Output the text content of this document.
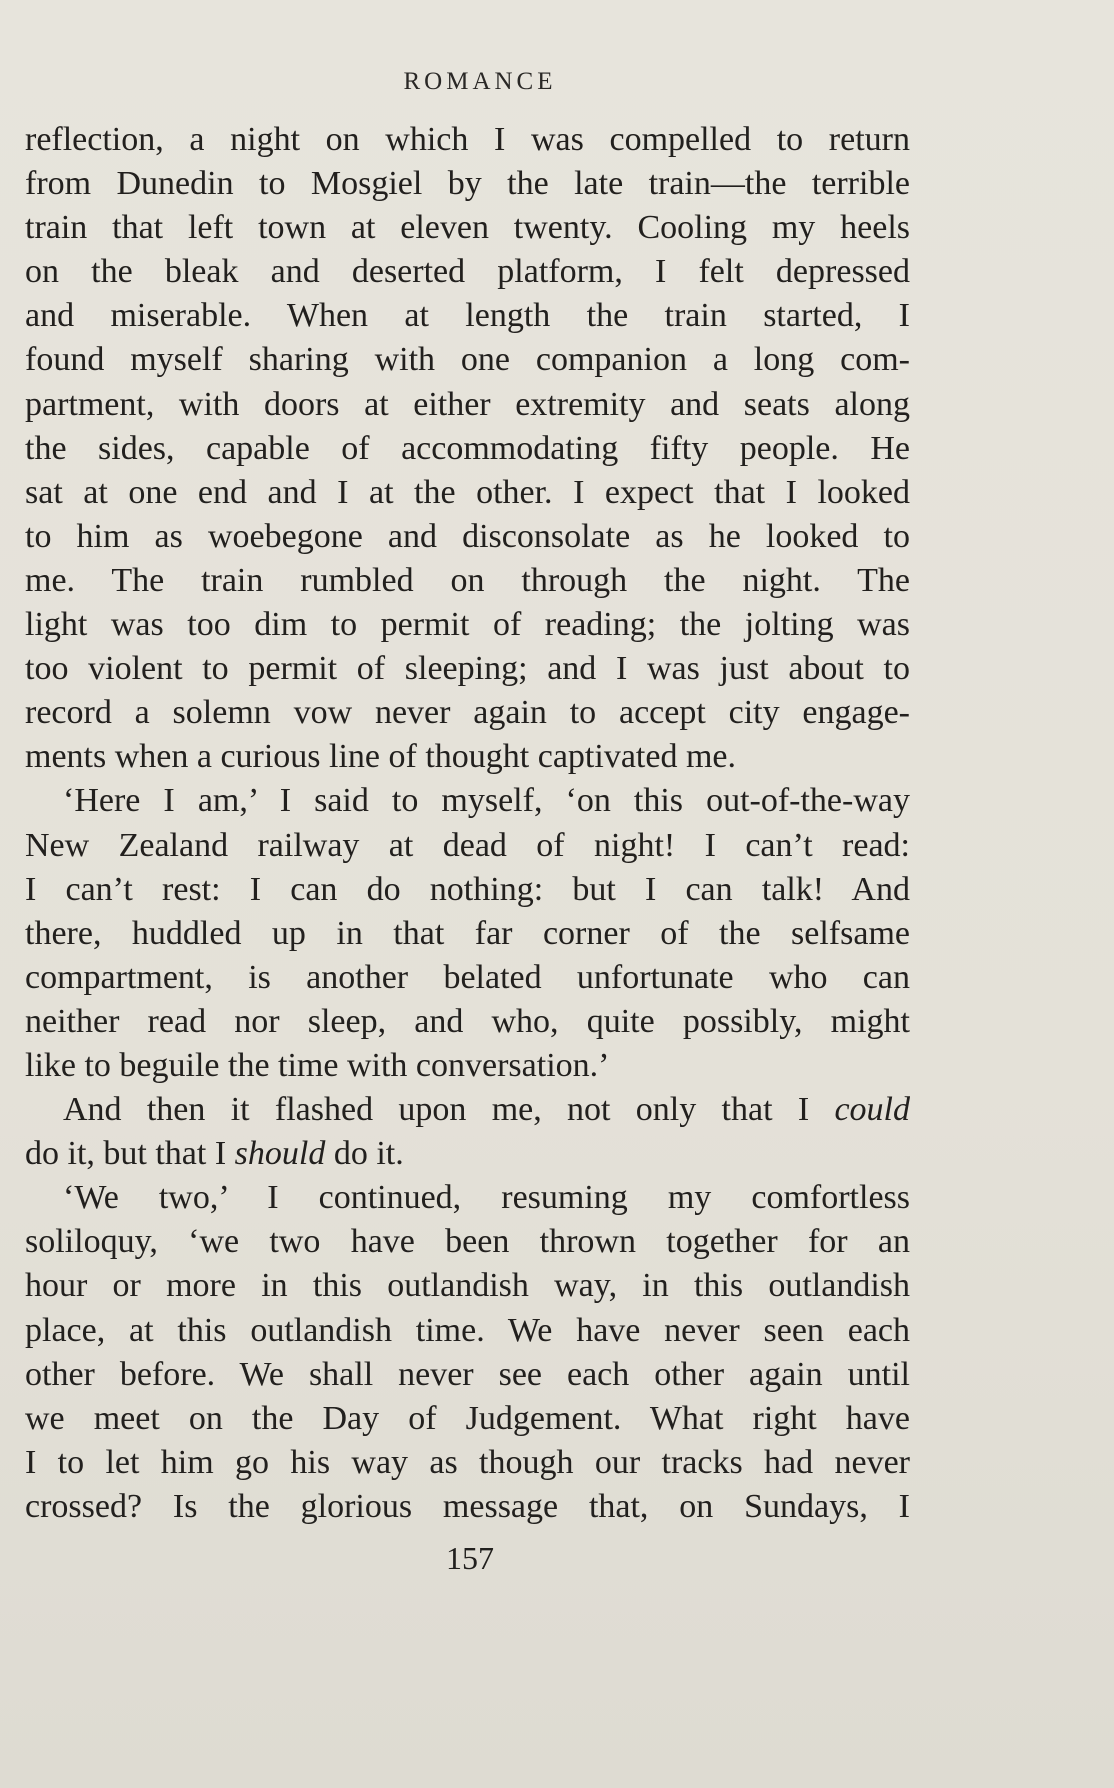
ROMANCE
reflection, a night on which I was compelled to return
from Dunedin to Mosgiel by the late train—the terrible
train that left town at eleven twenty. Cooling my heels
on the bleak and deserted platform, I felt depressed
and miserable. When at length the train started, I
found myself sharing with one companion a long com-
partment, with doors at either extremity and seats along
the sides, capable of accommodating fifty people. He
sat at one end and I at the other. I expect that I looked
to him as woebegone and disconsolate as he looked to
me. The train rumbled on through the night. The
light was too dim to permit of reading; the jolting was
too violent to permit of sleeping; and I was just about to
record a solemn vow never again to accept city engage-
ments when a curious line of thought captivated me.
‘Here I am,’ I said to myself, ‘on this out-of-the-way
New Zealand railway at dead of night! I can’t read:
I can’t rest: I can do nothing: but I can talk! And
there, huddled up in that far corner of the selfsame
compartment, is another belated unfortunate who can
neither read nor sleep, and who, quite possibly, might
like to beguile the time with conversation.’
And then it flashed upon me, not only that I could
do it, but that I should do it.
‘We two,’ I continued, resuming my comfortless
soliloquy, ‘we two have been thrown together for an
hour or more in this outlandish way, in this outlandish
place, at this outlandish time. We have never seen each
other before. We shall never see each other again until
we meet on the Day of Judgement. What right have
I to let him go his way as though our tracks had never
crossed? Is the glorious message that, on Sundays, I
157
